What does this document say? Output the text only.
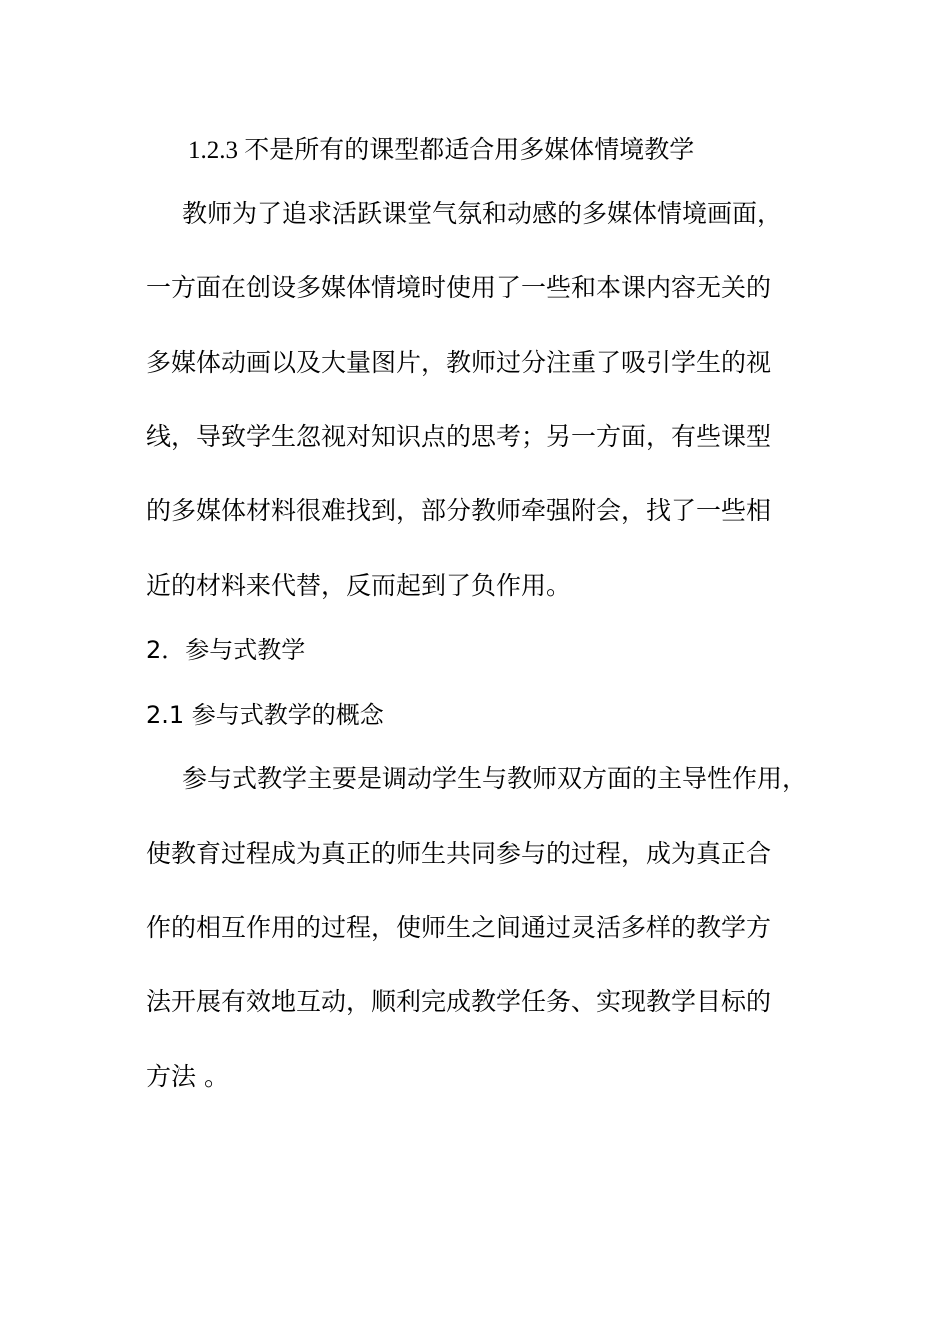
1.2.3 不是所有的课型都适合用多媒体情境教学
教师为了追求活跃课堂气氛和动感的多媒体情境画面，
一方面在创设多媒体情境时使用了一些和本课内容无关的
多媒体动画以及大量图片，教师过分注重了吸引学生的视
线，导致学生忽视对知识点的思考；另一方面，有些课型
的多媒体材料很难找到，部分教师牵强附会，找了一些相
近的材料来代替，反而起到了负作用。
2．参与式教学
2.1 参与式教学的概念
参与式教学主要是调动学生与教师双方面的主导性作用，
使教育过程成为真正的师生共同参与的过程，成为真正合
作的相互作用的过程，使师生之间通过灵活多样的教学方
法开展有效地互动，顺利完成教学任务、实现教学目标的
方法 。
